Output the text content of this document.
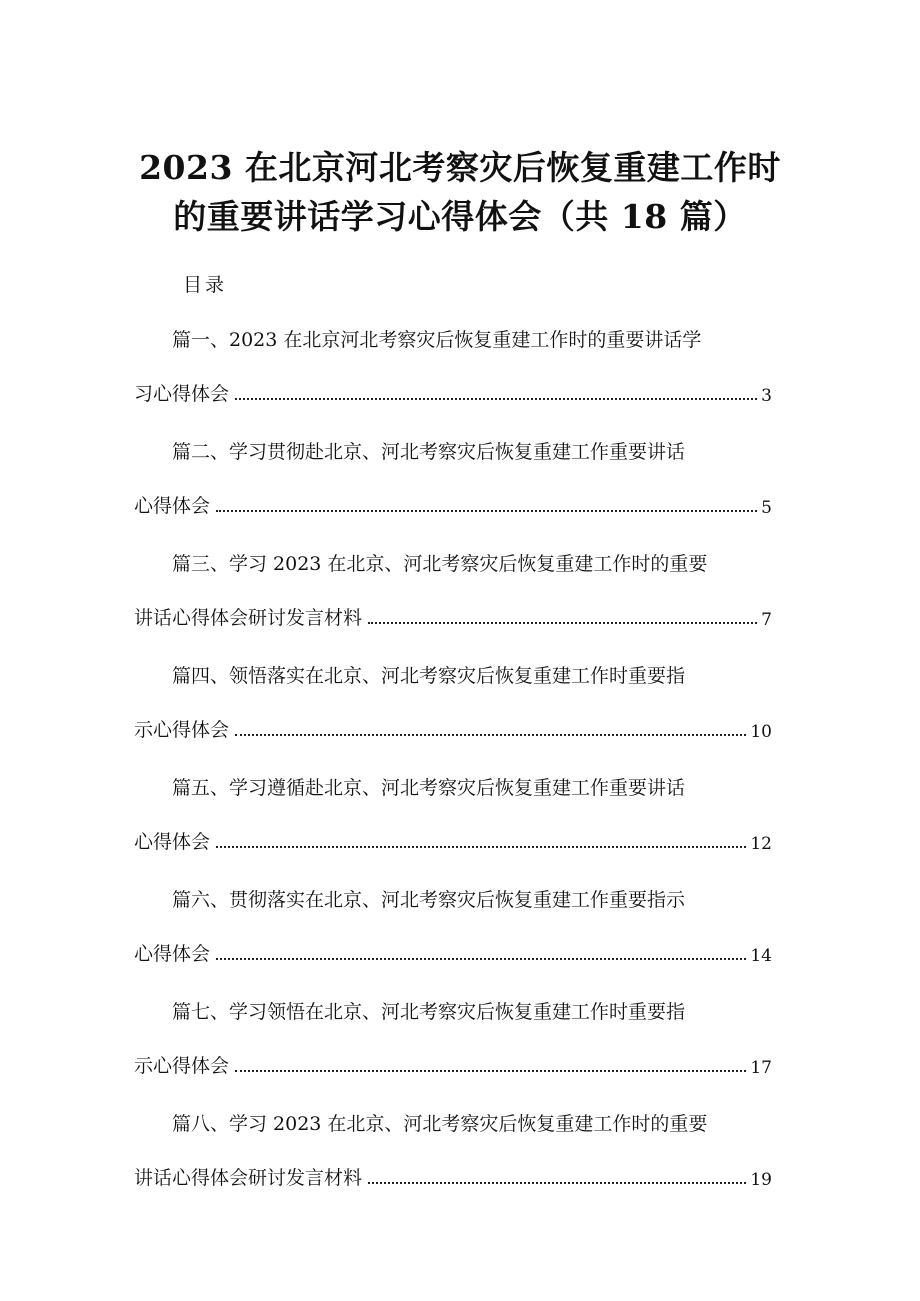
2023 在北京河北考察灾后恢复重建工作时
的重要讲话学习心得体会（共 18 篇）
目录
篇一、2023 在北京河北考察灾后恢复重建工作时的重要讲话学
习心得体会	3
篇二、学习贯彻赴北京、河北考察灾后恢复重建工作重要讲话
心得体会	5
篇三、学习 2023 在北京、河北考察灾后恢复重建工作时的重要
讲话心得体会研讨发言材料	7
篇四、领悟落实在北京、河北考察灾后恢复重建工作时重要指
示心得体会	10
篇五、学习遵循赴北京、河北考察灾后恢复重建工作重要讲话
心得体会	12
篇六、贯彻落实在北京、河北考察灾后恢复重建工作重要指示
心得体会	14
篇七、学习领悟在北京、河北考察灾后恢复重建工作时重要指
示心得体会	17
篇八、学习 2023 在北京、河北考察灾后恢复重建工作时的重要
讲话心得体会研讨发言材料	19
